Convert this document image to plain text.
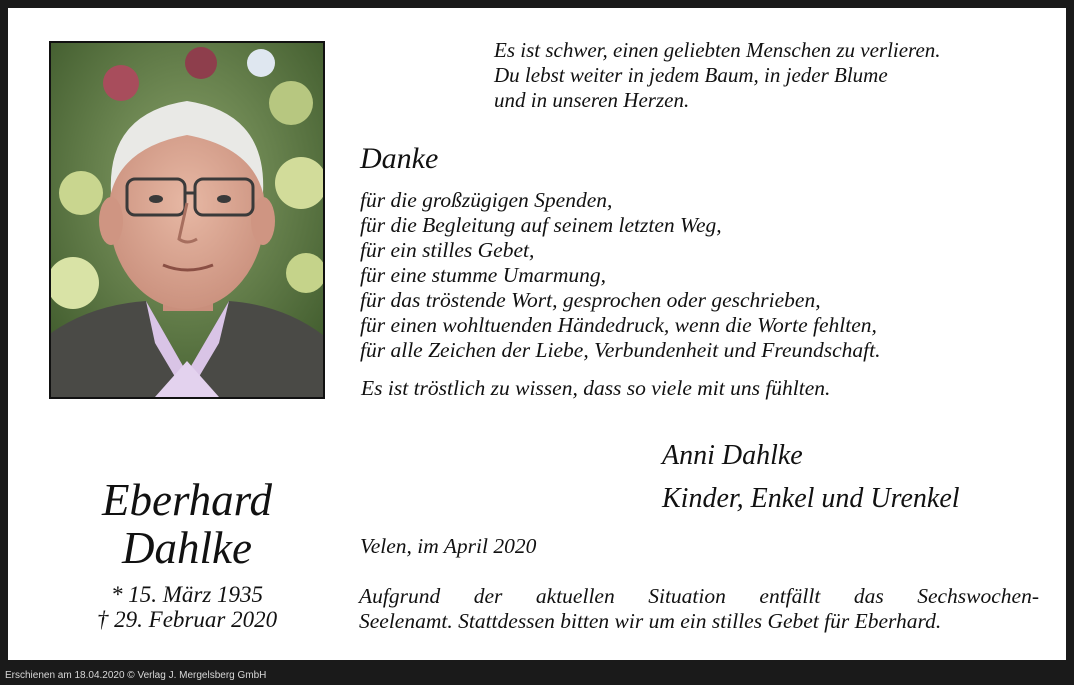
Es ist schwer, einen geliebten Menschen zu verlieren.
Du lebst weiter in jedem Baum, in jeder Blume
und in unseren Herzen.
Danke
für die großzügigen Spenden,
für die Begleitung auf seinem letzten Weg,
für ein stilles Gebet,
für eine stumme Umarmung,
für das tröstende Wort, gesprochen oder geschrieben,
für einen wohltuenden Händedruck, wenn die Worte fehlten,
für alle Zeichen der Liebe, Verbundenheit und Freundschaft.
Es ist tröstlich zu wissen, dass so viele mit uns fühlten.
Anni Dahlke
Kinder, Enkel und Urenkel
Eberhard
Dahlke
* 15. März 1935
† 29. Februar 2020
Velen, im April 2020
Aufgrund der aktuellen Situation entfällt das Sechswochen-
Seelenamt. Stattdessen bitten wir um ein stilles Gebet für Eberhard.
Erschienen am 18.04.2020 © Verlag J. Mergelsberg GmbH
